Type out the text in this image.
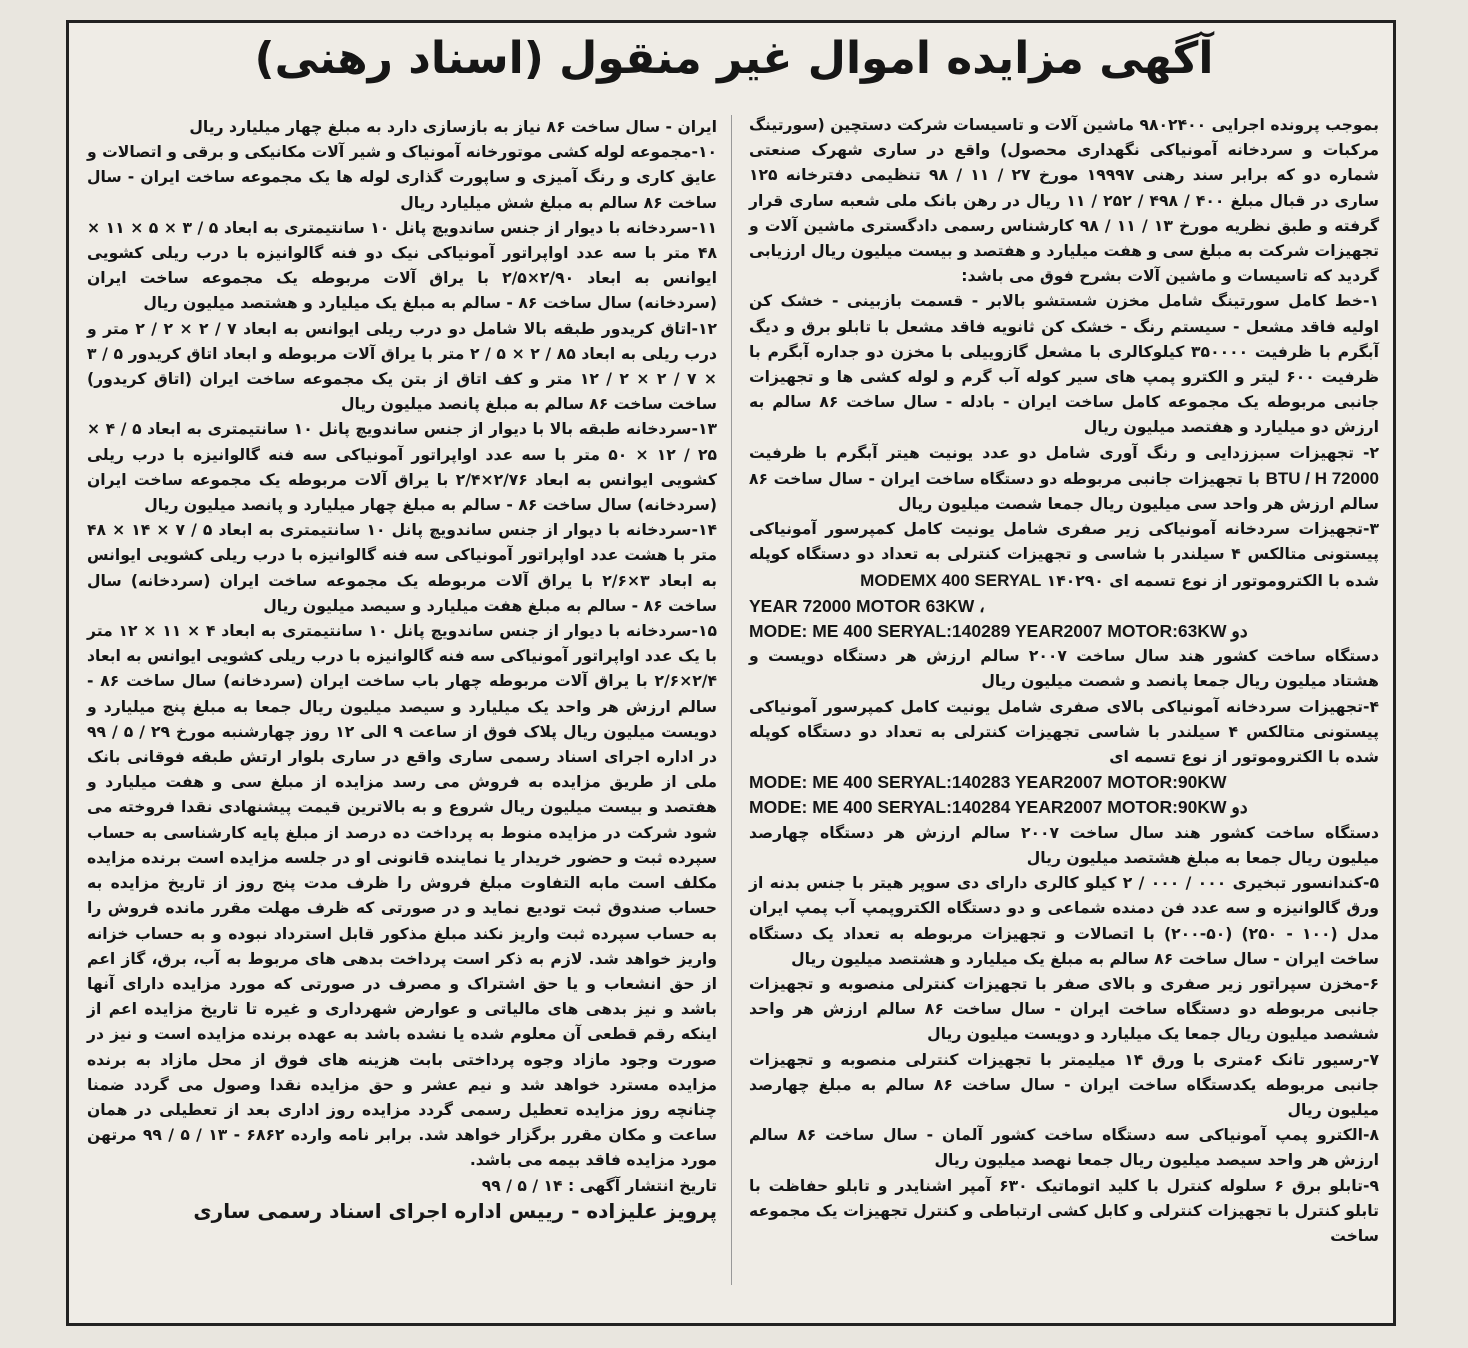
آگهی مزایده اموال غیر منقول (اسناد رهنی)

بموجب پرونده اجرایی ۹۸۰۲۴۰۰ ماشین آلات و تاسیسات شرکت دستچین (سورتینگ مرکبات و سردخانه آمونیاکی نگهداری محصول) واقع در ساری شهرک صنعتی شماره دو که برابر سند رهنی ۱۹۹۹۷ مورخ ۲۷ / ۱۱ / ۹۸ تنظیمی دفترخانه ۱۲۵ ساری در قبال مبلغ ۴۰۰ / ۴۹۸ / ۲۵۲ / ۱۱ ریال در رهن بانک ملی شعبه ساری قرار گرفته و طبق نظریه مورخ ۱۳ / ۱۱ / ۹۸ کارشناس رسمی دادگستری ماشین آلات و تجهیزات شرکت به مبلغ سی و هفت میلیارد و هفتصد و بیست میلیون ریال ارزیابی گردید که تاسیسات و ماشین آلات بشرح فوق می باشد:

۱-خط کامل سورتینگ شامل مخزن شستشو بالابر - قسمت بازبینی - خشک کن اولیه فاقد مشعل - سیستم رنگ - خشک کن ثانویه فاقد مشعل با تابلو برق و دیگ آبگرم با ظرفیت ۳۵۰۰۰۰ کیلوکالری با مشعل گازوییلی با مخزن دو جداره آبگرم با ظرفیت ۶۰۰ لیتر و الکترو پمپ های سیر کوله آب گرم و لوله کشی ها و تجهیزات جانبی مربوطه یک مجموعه کامل ساخت ایران - بادله - سال ساخت ۸۶ سالم به ارزش دو میلیارد و هفتصد میلیون ریال

۲- تجهیزات سبززدایی و رنگ آوری شامل دو عدد یونیت هیتر آبگرم با ظرفیت BTU / H 72000 با تجهیزات جانبی مربوطه دو دستگاه ساخت ایران - سال ساخت ۸۶ سالم ارزش هر واحد سی میلیون ریال جمعا شصت میلیون ریال

۳-تجهیزات سردخانه آمونیاکی زیر صفری شامل یونیت کامل کمپرسور آمونیاکی پیستونی متالکس ۴ سیلندر با شاسی و تجهیزات کنترلی به تعداد دو دستگاه کوپله شده با الکتروموتور از نوع تسمه ای ۱۴۰۲۹۰ MODEMX 400 SERYAL

YEAR 72000 MOTOR 63KW ،
MODE: ME 400 SERYAL:140289 YEAR2007 MOTOR:63KW دو

دستگاه ساخت کشور هند سال ساخت ۲۰۰۷ سالم ارزش هر دستگاه دویست و هشتاد میلیون ریال جمعا پانصد و شصت میلیون ریال

۴-تجهیزات سردخانه آمونیاکی بالای صفری شامل یونیت کامل کمپرسور آمونیاکی پیستونی متالکس ۴ سیلندر با شاسی تجهیزات کنترلی به تعداد دو دستگاه کوپله شده با الکتروموتور از نوع تسمه ای

MODE: ME 400 SERYAL:140283 YEAR2007 MOTOR:90KW
MODE: ME 400 SERYAL:140284 YEAR2007 MOTOR:90KW دو

دستگاه ساخت کشور هند سال ساخت ۲۰۰۷ سالم ارزش هر دستگاه چهارصد میلیون ریال جمعا به مبلغ هشتصد میلیون ریال

۵-کندانسور تبخیری ۰۰۰ / ۰۰۰ / ۲ کیلو کالری دارای دی سوپر هیتر با جنس بدنه از ورق گالوانیزه و سه عدد فن دمنده شماعی و دو دستگاه الکتروپمپ آب پمپ ایران مدل (۱۰۰ - ۲۵۰) (۵۰-۲۰۰) با اتصالات و تجهیزات مربوطه به تعداد یک دستگاه ساخت ایران - سال ساخت ۸۶ سالم به مبلغ یک میلیارد و هشتصد میلیون ریال

۶-مخزن سپراتور زیر صفری و بالای صفر با تجهیزات کنترلی منصوبه و تجهیزات جانبی مربوطه دو دستگاه ساخت ایران - سال ساخت ۸۶ سالم ارزش هر واحد ششصد میلیون ریال جمعا یک میلیارد و دویست میلیون ریال

۷-رسیور تانک ۶متری با ورق ۱۴ میلیمتر با تجهیزات کنترلی منصوبه و تجهیزات جانبی مربوطه یکدستگاه ساخت ایران - سال ساخت ۸۶ سالم به مبلغ چهارصد میلیون ریال

۸-الکترو پمپ آمونیاکی سه دستگاه ساخت کشور آلمان - سال ساخت ۸۶ سالم ارزش هر واحد سیصد میلیون ریال جمعا نهصد میلیون ریال

۹-تابلو برق ۶ سلوله کنترل با کلید اتوماتیک ۶۳۰ آمپر اشنایدر و تابلو حفاظت با تابلو کنترل با تجهیزات کنترلی و کابل کشی ارتباطی و کنترل تجهیزات یک مجموعه ساخت

ایران - سال ساخت ۸۶ نیاز به بازسازی دارد به مبلغ چهار میلیارد ریال

۱۰-مجموعه لوله کشی موتورخانه آمونیاک و شیر آلات مکانیکی و برقی و اتصالات و عایق کاری و رنگ آمیزی و ساپورت گذاری لوله ها یک مجموعه ساخت ایران - سال ساخت ۸۶ سالم به مبلغ شش میلیارد ریال

۱۱-سردخانه با دیوار از جنس ساندویچ پانل ۱۰ سانتیمتری به ابعاد ۵ / ۳ × ۵ × ۱۱ × ۴۸ متر با سه عدد اواپراتور آمونیاکی نیک دو فنه گالوانیزه با درب ریلی کشویی ایوانس به ابعاد ۲/۹۰×۲/۵ با یراق آلات مربوطه یک مجموعه ساخت ایران (سردخانه) سال ساخت ۸۶ - سالم به مبلغ یک میلیارد و هشتصد میلیون ریال

۱۲-اتاق کریدور طبقه بالا شامل دو درب ریلی ایوانس به ابعاد ۷ / ۲ × ۲ / ۲ متر و درب ریلی به ابعاد ۸۵ / ۲ × ۵ / ۲ متر با یراق آلات مربوطه و ابعاد اتاق کریدور ۵ / ۳ × ۷ / ۲ × ۲ / ۱۲ متر و کف اتاق از بتن یک مجموعه ساخت ایران (اتاق کریدور) ساخت ساخت ۸۶ سالم به مبلغ پانصد میلیون ریال

۱۳-سردخانه طبقه بالا با دیوار از جنس ساندویچ پانل ۱۰ سانتیمتری به ابعاد ۵ / ۴ × ۲۵ / ۱۲ × ۵۰ متر با سه عدد اواپراتور آمونیاکی سه فنه گالوانیزه با درب ریلی کشویی ایوانس به ابعاد ۲/۷۶×۲/۴ با یراق آلات مربوطه یک مجموعه ساخت ایران (سردخانه) سال ساخت ۸۶ - سالم به مبلغ چهار میلیارد و پانصد میلیون ریال

۱۴-سردخانه با دیوار از جنس ساندویچ پانل ۱۰ سانتیمتری به ابعاد ۵ / ۷ × ۱۴ × ۴۸ متر با هشت عدد اواپراتور آمونیاکی سه فنه گالوانیزه با درب ریلی کشویی ایوانس به ابعاد ۳×۲/۶ با یراق آلات مربوطه یک مجموعه ساخت ایران (سردخانه) سال ساخت ۸۶ - سالم به مبلغ هفت میلیارد و سیصد میلیون ریال

۱۵-سردخانه با دیوار از جنس ساندویچ پانل ۱۰ سانتیمتری به ابعاد ۴ × ۱۱ × ۱۲ متر با یک عدد اواپراتور آمونیاکی سه فنه گالوانیزه با درب ریلی کشویی ایوانس به ابعاد ۲/۴×۲/۶ با یراق آلات مربوطه چهار باب ساخت ایران (سردخانه) سال ساخت ۸۶ - سالم ارزش هر واحد یک میلیارد و سیصد میلیون ریال جمعا به مبلغ پنج میلیارد و دویست میلیون ریال پلاک فوق از ساعت ۹ الی ۱۲ روز چهارشنبه مورخ ۲۹ / ۵ / ۹۹ در اداره اجرای اسناد رسمی ساری واقع در ساری بلوار ارتش طبقه فوقانی بانک ملی از طریق مزایده به فروش می رسد مزایده از مبلغ سی و هفت میلیارد و هفتصد و بیست میلیون ریال شروع و به بالاترین قیمت پیشنهادی نقدا فروخته می شود شرکت در مزایده منوط به پرداخت ده درصد از مبلغ پایه کارشناسی به حساب سپرده ثبت و حضور خریدار یا نماینده قانونی او در جلسه مزایده است برنده مزایده مکلف است مابه التفاوت مبلغ فروش را ظرف مدت پنج روز از تاریخ مزایده به حساب صندوق ثبت تودیع نماید و در صورتی که ظرف مهلت مقرر مانده فروش را به حساب سپرده ثبت واریز نکند مبلغ مذکور قابل استرداد نبوده و به حساب خزانه واریز خواهد شد. لازم به ذکر است پرداخت بدهی های مربوط به آب، برق، گاز اعم از حق انشعاب و یا حق اشتراک و مصرف در صورتی که مورد مزایده دارای آنها باشد و نیز بدهی های مالیاتی و عوارض شهرداری و غیره تا تاریخ مزایده اعم از اینکه رقم قطعی آن معلوم شده یا نشده باشد به عهده برنده مزایده است و نیز در صورت وجود مازاد وجوه پرداختی بابت هزینه های فوق از محل مازاد به برنده مزایده مسترد خواهد شد و نیم عشر و حق مزایده نقدا وصول می گردد ضمنا چنانچه روز مزایده تعطیل رسمی گردد مزایده روز اداری بعد از تعطیلی در همان ساعت و مکان مقرر برگزار خواهد شد. برابر نامه وارده ۶۸۶۲ - ۱۳ / ۵ / ۹۹ مرتهن مورد مزایده فاقد بیمه می باشد.

تاریخ انتشار آگهی : ۱۴ / ۵ / ۹۹

پرویز علیزاده - رییس اداره اجرای اسناد رسمی ساری
